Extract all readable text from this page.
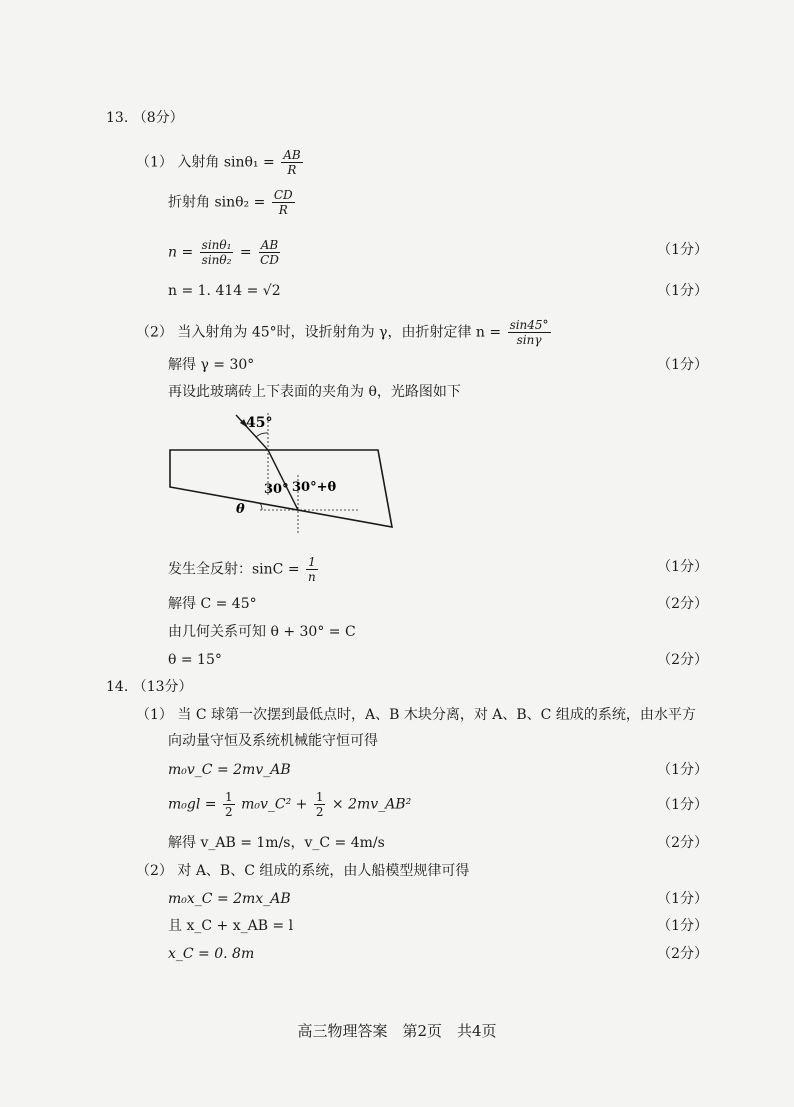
13. （8分）
（1） 入射角 $\sin\theta_1 = \frac{AB}{R}$
折射角 $\sin\theta_2 = \frac{CD}{R}$
$n = \frac{\text{sinθ₁}}{\text{sinθ₂}} = \frac{AB}{CD}$	（1分）
n = 1. 414 = √2	（1分）
（2） 当入射角为 45°时，设折射角为 γ，由折射定律 $n = \frac{\sin 45^\circ}{\sin\gamma}$
解得 γ = 30°	（1分）
再设此玻璃砖上下表面的夹角为 θ，光路图如下
45°
30° 30°+θ
θ
发生全反射：$\sin C = \frac{1}{n}$	（1分）
解得 C = 45°	（2分）
由几何关系可知 θ + 30° = C
θ = 15°	（2分）
14. （13分）
（1） 当 C 球第一次摆到最低点时，A、B 木块分离，对 A、B、C 组成的系统，由水平方
向动量守恒及系统机械能守恒可得
m₀v_C = 2mv_AB	（1分）
$m_0gl = \frac{1}{2}$ m₀v_C² + $\frac{1}{2}$ × 2mv_AB²	（1分）
解得 v_AB = 1m/s，v_C = 4m/s	（2分）
（2） 对 A、B、C 组成的系统，由人船模型规律可得
m₀x_C = 2mx_AB	（1分）
且 x_C + x_AB = l	（1分）
x_C = 0. 8m	（2分）
高三物理答案　第2页　共4页
